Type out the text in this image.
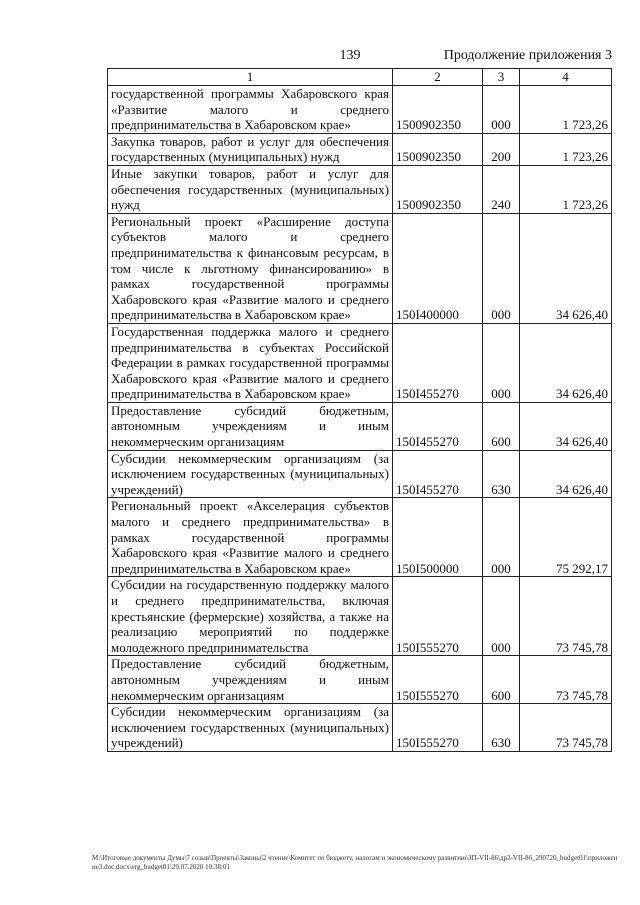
139	Продолжение приложения 3
1	2	3	4
государственной программы Хабаровского края «Развитие малого и среднего предпринимательства в Хабаровском крае»	1500902350	000	1 723,26
Закупка товаров, работ и услуг для обеспечения государственных (муниципальных) нужд	1500902350	200	1 723,26
Иные закупки товаров, работ и услуг для обеспечения государственных (муниципальных) нужд	1500902350	240	1 723,26
Региональный проект «Расширение доступа субъектов малого и среднего предпринимательства к финансовым ресурсам, в том числе к льготному финансированию» в рамках государственной программы Хабаровского края «Развитие малого и среднего предпринимательства в Хабаровском крае»	150I400000	000	34 626,40
Государственная поддержка малого и среднего предпринимательства в субъектах Российской Федерации в рамках государственной программы Хабаровского края «Развитие малого и среднего предпринимательства в Хабаровском крае»	150I455270	000	34 626,40
Предоставление субсидий бюджетным, автономным учреждениям и иным некоммерческим организациям	150I455270	600	34 626,40
Субсидии некоммерческим организациям (за исключением государственных (муниципальных) учреждений)	150I455270	630	34 626,40
Региональный проект «Акселерация субъектов малого и среднего предпринимательства» в рамках государственной программы Хабаровского края «Развитие малого и среднего предпринимательства в Хабаровском крае»	150I500000	000	75 292,17
Субсидии на государственную поддержку малого и среднего предпринимательства, включая крестьянские (фермерские) хозяйства, а также на реализацию мероприятий по поддержке молодежного предпринимательства	150I555270	000	73 745,78
Предоставление субсидий бюджетным, автономным учреждениям и иным некоммерческим организациям	150I555270	600	73 745,78
Субсидии некоммерческим организациям (за исключением государственных (муниципальных) учреждений)	150I555270	630	73 745,78
M:\Итоговые документы Думы\7 созыв\Проекты\Законы\2 чтение\Комитет по бюджету, налогам и экономическому развитию\ЗП-VII-86\др2-VII-86_290720_budget01\приложение3.doc.docx\еrg_budget01\29.07.2020 10:38:01
